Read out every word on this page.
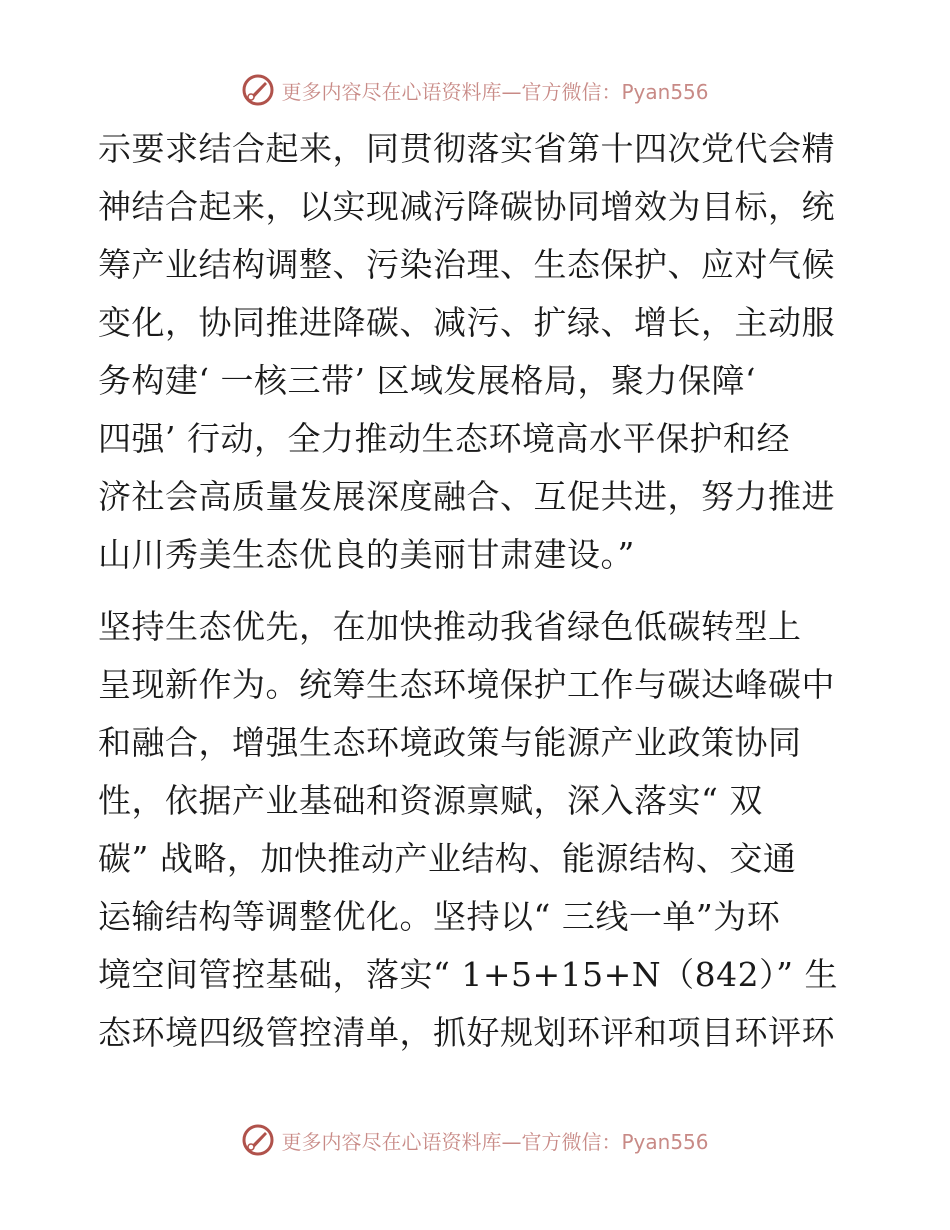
更多内容尽在心语资料库—官方微信：Pyan556
示要求结合起来，同贯彻落实省第十四次党代会精
神结合起来，以实现减污降碳协同增效为目标，统
筹产业结构调整、污染治理、生态保护、应对气候
变化，协同推进降碳、减污、扩绿、增长，主动服
务构建‘ 一核三带’ 区域发展格局，聚力保障‘
四强’ 行动，全力推动生态环境高水平保护和经
济社会高质量发展深度融合、互促共进，努力推进
山川秀美生态优良的美丽甘肃建设。”
坚持生态优先，在加快推动我省绿色低碳转型上
呈现新作为。统筹生态环境保护工作与碳达峰碳中
和融合，增强生态环境政策与能源产业政策协同
性，依据产业基础和资源禀赋，深入落实“ 双
碳” 战略，加快推动产业结构、能源结构、交通
运输结构等调整优化。坚持以“ 三线一单”为环
境空间管控基础，落实“ 1+5+15+N（842）” 生
态环境四级管控清单，抓好规划环评和项目环评环
更多内容尽在心语资料库—官方微信：Pyan556
